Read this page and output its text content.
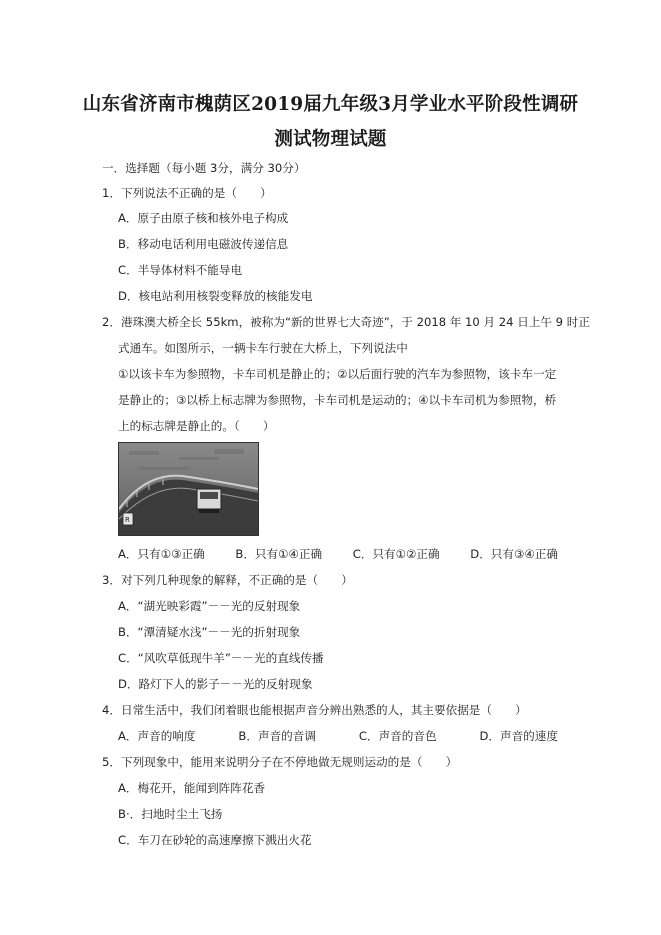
山东省济南市槐荫区2019届九年级3月学业水平阶段性调研
测试物理试题
一．选择题（每小题 3分，满分 30分）
1．下列说法不正确的是（　　）
A．原子由原子核和核外电子构成
B．移动电话利用电磁波传递信息
C．半导体材料不能导电
D．核电站利用核裂变释放的核能发电
2．港珠澳大桥全长 55km，被称为“新的世界七大奇迹”，于 2018 年 10 月 24 日上午 9 时正
式通车。如图所示，一辆卡车行驶在大桥上，下列说法中
①以该卡车为参照物，卡车司机是静止的；②以后面行驶的汽车为参照物，该卡车一定
是静止的；③以桥上标志牌为参照物，卡车司机是运动的；④以卡车司机为参照物，桥
上的标志牌是静止的。（　　）
R
A．只有①③正确	B．只有①④正确	C．只有①②正确	D．只有③④正确
3．对下列几种现象的解释，不正确的是（　　）
A．“湖光映彩霞”－－光的反射现象
B．“潭清疑水浅”－－光的折射现象
C．“风吹草低现牛羊”－－光的直线传播
D．路灯下人的影子－－光的反射现象
4．日常生活中，我们闭着眼也能根据声音分辨出熟悉的人，其主要依据是（　　）
A．声音的响度	B．声音的音调	C．声音的音色	D．声音的速度
5．下列现象中，能用来说明分子在不停地做无规则运动的是（　　）
A．梅花开，能闻到阵阵花香
B·．扫地时尘土飞扬
C．车刀在砂轮的高速摩擦下溅出火花
